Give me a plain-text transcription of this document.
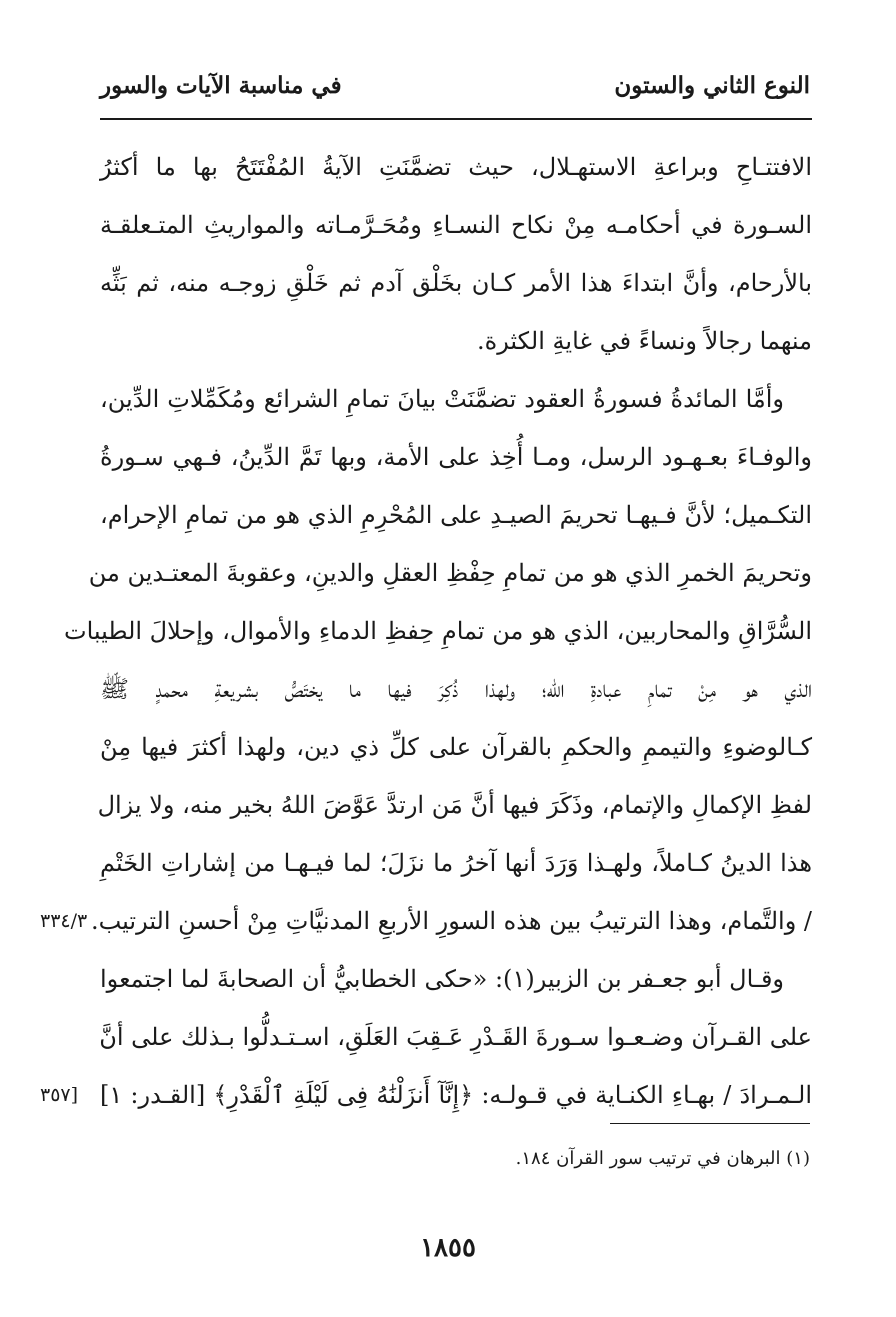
النوع الثاني والستون
في مناسبة الآيات والسور
الافتتـاحِ وبراعةِ الاستهـلال، حيث تضمَّنَتِ الآيةُ المُفْتَتَحُ بها ما أكثرُ
السـورة في أحكامـه مِنْ نكاح النسـاءِ ومُحَـرَّمـاته والمواريثِ المتـعلقـة
بالأرحام، وأنَّ ابتداءَ هذا الأمر كـان بخَلْق آدم ثم خَلْقِ زوجـه منه، ثم بَثِّه
منهما رجالاً ونساءً في غايةِ الكثرة.
وأمَّا المائدةُ فسورةُ العقود تضمَّنَتْ بيانَ تمامِ الشرائع ومُكَمِّلاتِ الدِّين،
والوفـاءَ بعـهـود الرسل، ومـا أُخِذ على الأمة، وبها تَمَّ الدِّينُ، فـهي سـورةُ
التكـميل؛ لأنَّ فـيهـا تحريمَ الصيـدِ على المُحْرِمِ الذي هو من تمامِ الإحرام،
وتحريمَ الخمرِ الذي هو من تمامِ حِفْظِ العقلِ والدينِ، وعقوبةَ المعتـدين من
السُّرَّاقِ والمحاربين، الذي هو من تمامِ حِفظِ الدماءِ والأموال، وإحلالَ الطيبات
الذي هو مِنْ تمامِ عبادةِ الله؛ ولهذا ذُكِرَ فيها ما يختَصُّ بشريعةِ محمدٍ ﷺ
كـالوضوءِ والتيممِ والحكمِ بالقرآن على كلِّ ذي دين، ولهذا أكثرَ فيها مِنْ
لفظِ الإكمالِ والإتمام، وذَكَرَ فيها أنَّ مَن ارتدَّ عَوَّضَ اللهُ بخير منه، ولا يزال
هذا الدينُ كـاملاً، ولهـذا وَرَدَ أنها آخرُ ما نزَلَ؛ لما فيـهـا من إشاراتِ الخَتْمِ
/ والتَّمام، وهذا الترتيبُ بين هذه السورِ الأربعِ المدنيَّاتِ مِنْ أحسنِ الترتيب.
٣٣٤/٣
وقـال أبو جعـفر بن الزبير(١): «حكى الخطابيُّ أن الصحابةَ لما اجتمعوا
على القـرآن وضـعـوا سـورةَ القَـدْرِ عَـقِبَ العَلَقِ، اسـتـدلُّوا بـذلك على أنَّ
الـمـرادَ / بهـاءِ الكنـاية في قـولـه: ﴿إِنَّآ أَنزَلْنَٰهُ فِى لَيْلَةِ ٱلْقَدْرِ﴾ [القـدر: ١]
[٣٥٧
(١) البرهان في ترتيب سور القرآن ١٨٤.
١٨٥٥
